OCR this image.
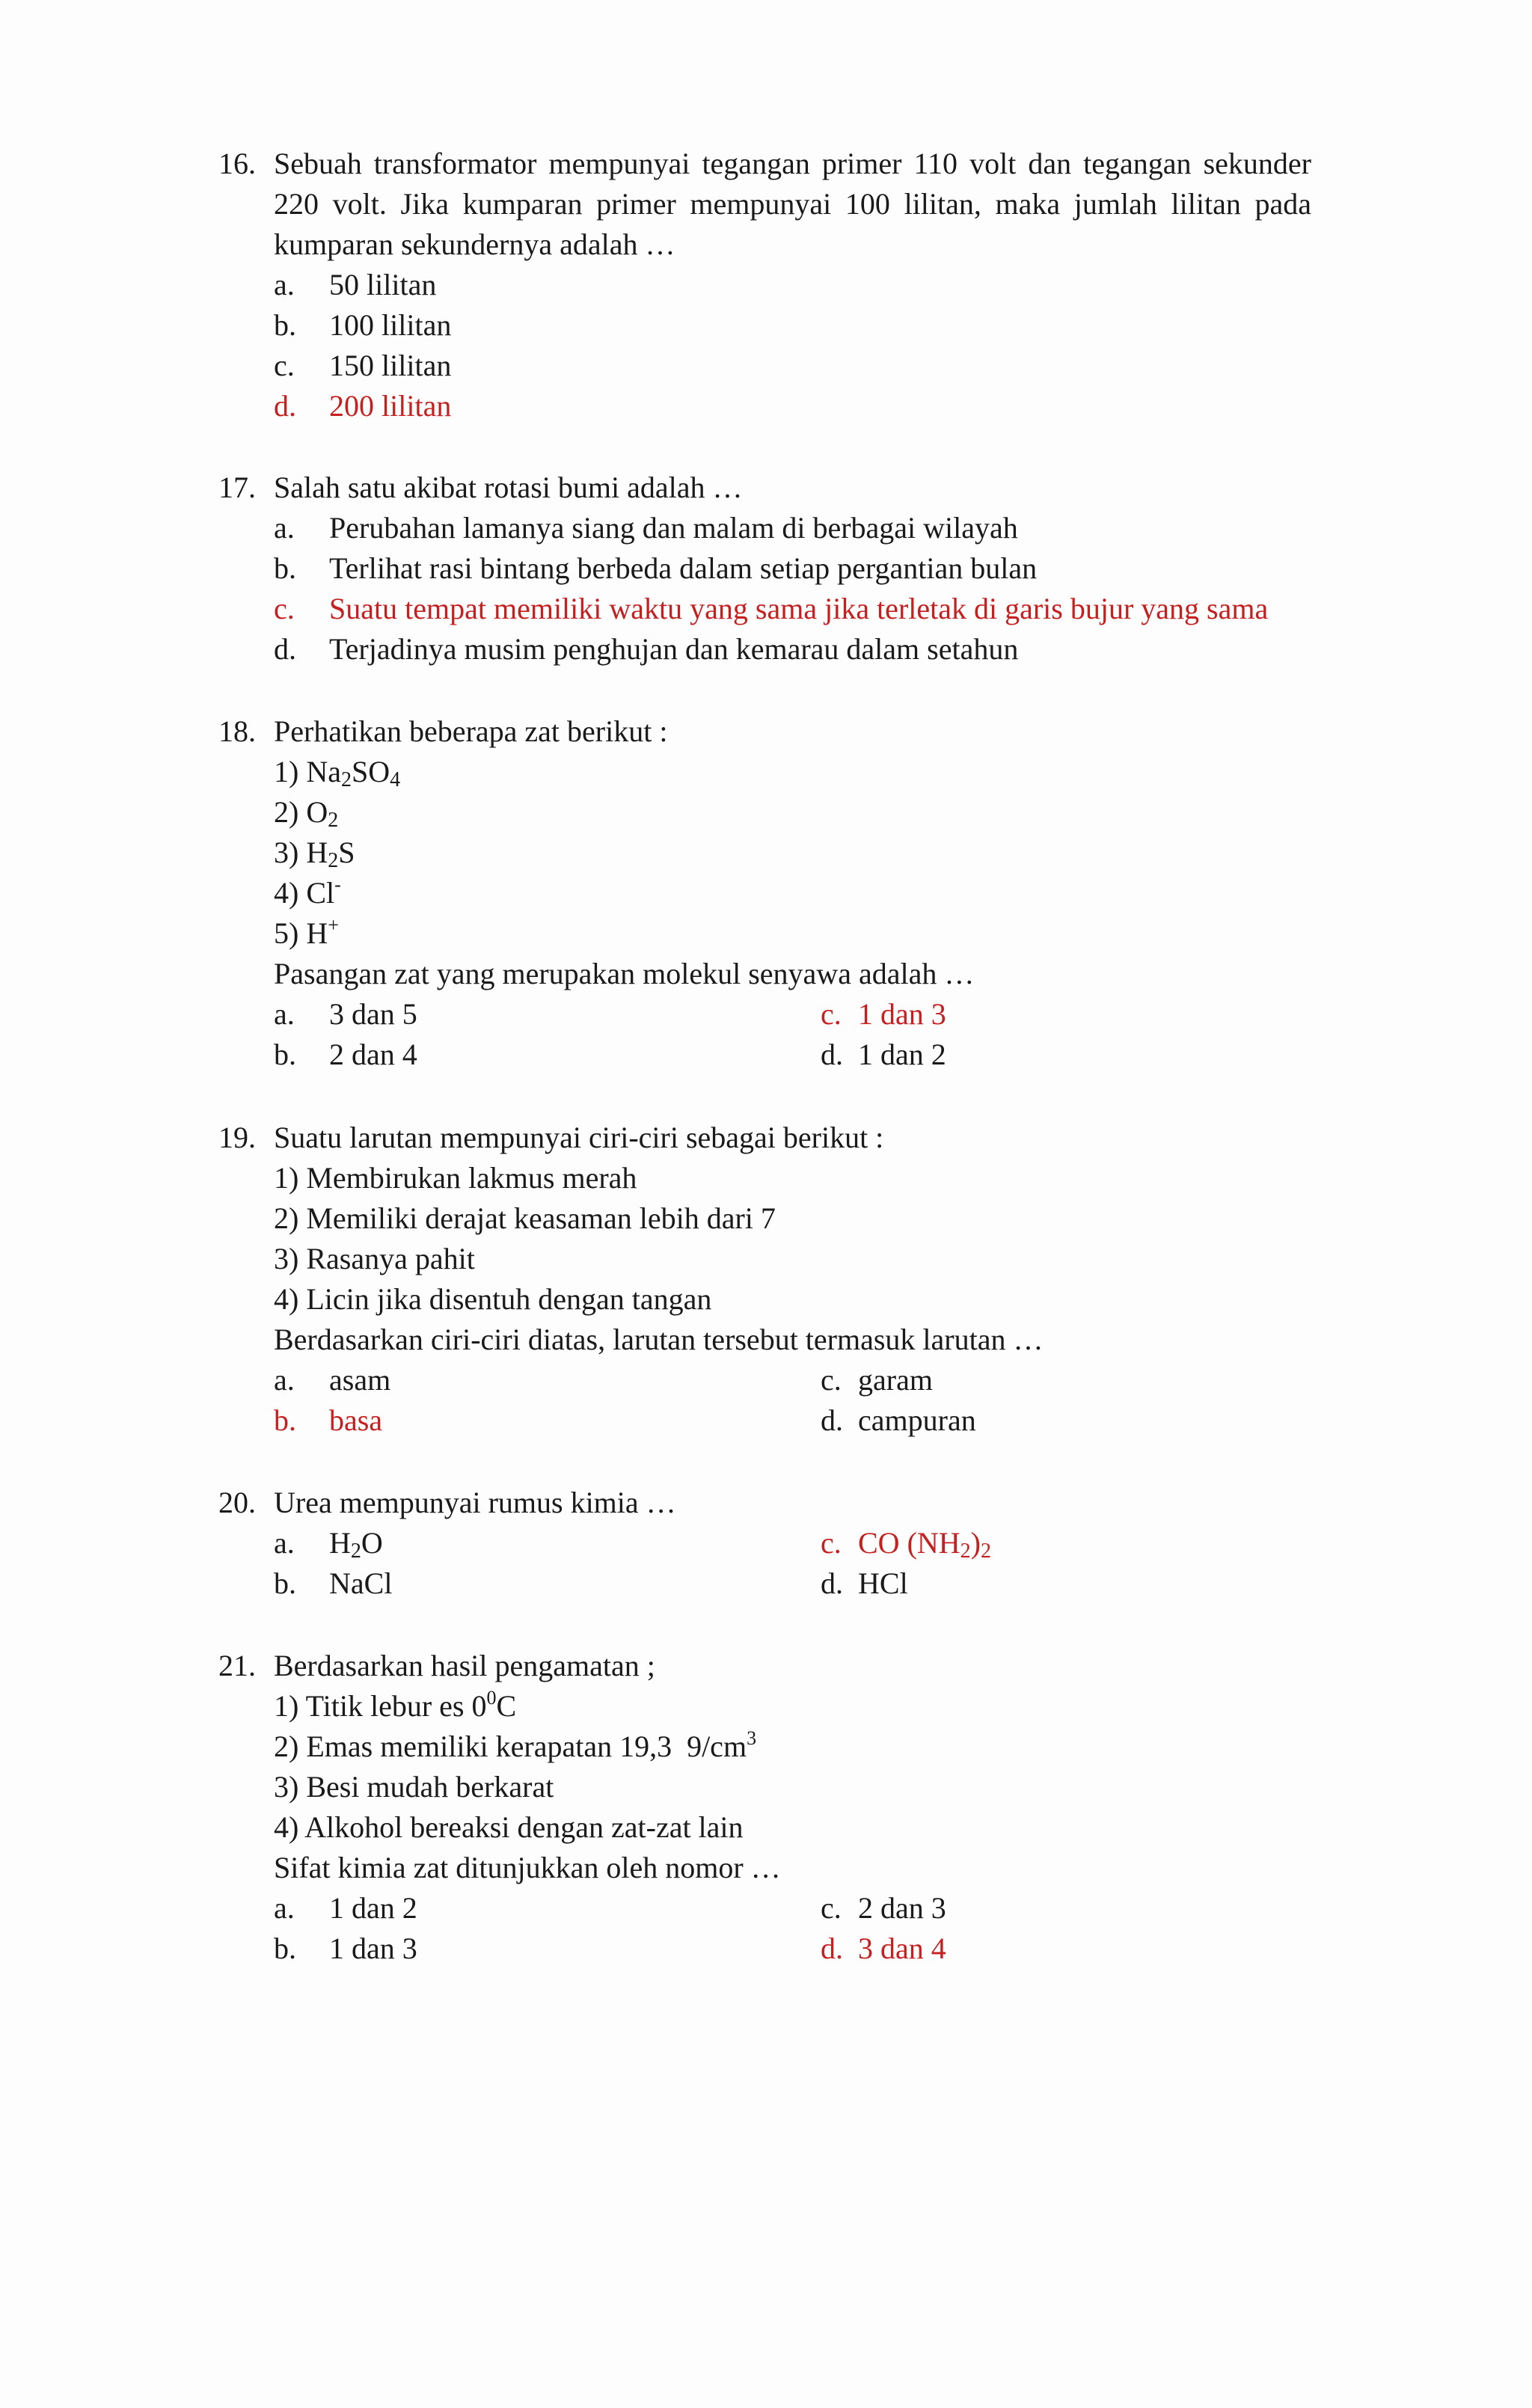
16. Sebuah transformator mempunyai tegangan primer 110 volt dan tegangan sekunder
220 volt. Jika kumparan primer mempunyai 100 lilitan, maka jumlah lilitan pada
kumparan sekundernya adalah …
a. 50 lilitan
b. 100 lilitan
c. 150 lilitan
d. 200 lilitan
17. Salah satu akibat rotasi bumi adalah …
a. Perubahan lamanya siang dan malam di berbagai wilayah
b. Terlihat rasi bintang berbeda dalam setiap pergantian bulan
c. Suatu tempat memiliki waktu yang sama jika terletak di garis bujur yang sama
d. Terjadinya musim penghujan dan kemarau dalam setahun
18. Perhatikan beberapa zat berikut :
1) $Na_2SO_4$
2) $O_2$
3) $H_2S$
4) Cl-
5) H+
Pasangan zat yang merupakan molekul senyawa adalah …
a. 3 dan 5
b. 2 dan 4
c. 1 dan 3
d. 1 dan 2
19. Suatu larutan mempunyai ciri-ciri sebagai berikut :
1) Membirukan lakmus merah
2) Memiliki derajat keasaman lebih dari 7
3) Rasanya pahit
4) Licin jika disentuh dengan tangan
Berdasarkan ciri-ciri diatas, larutan tersebut termasuk larutan …
a. asam
b. basa
c. garam
d. campuran
20. Urea mempunyai rumus kimia …
a. $H_2O$
b. NaCl
c. CO $(NH_2)_2$
d. HCl
21. Berdasarkan hasil pengamatan ;
1) Titik lebur es $0^0C$
2) Emas memiliki kerapatan 19,3  $9/cm^3$
3) Besi mudah berkarat
4) Alkohol bereaksi dengan zat-zat lain
Sifat kimia zat ditunjukkan oleh nomor …
a. 1 dan 2
b. 1 dan 3
c. 2 dan 3
d. 3 dan 4
